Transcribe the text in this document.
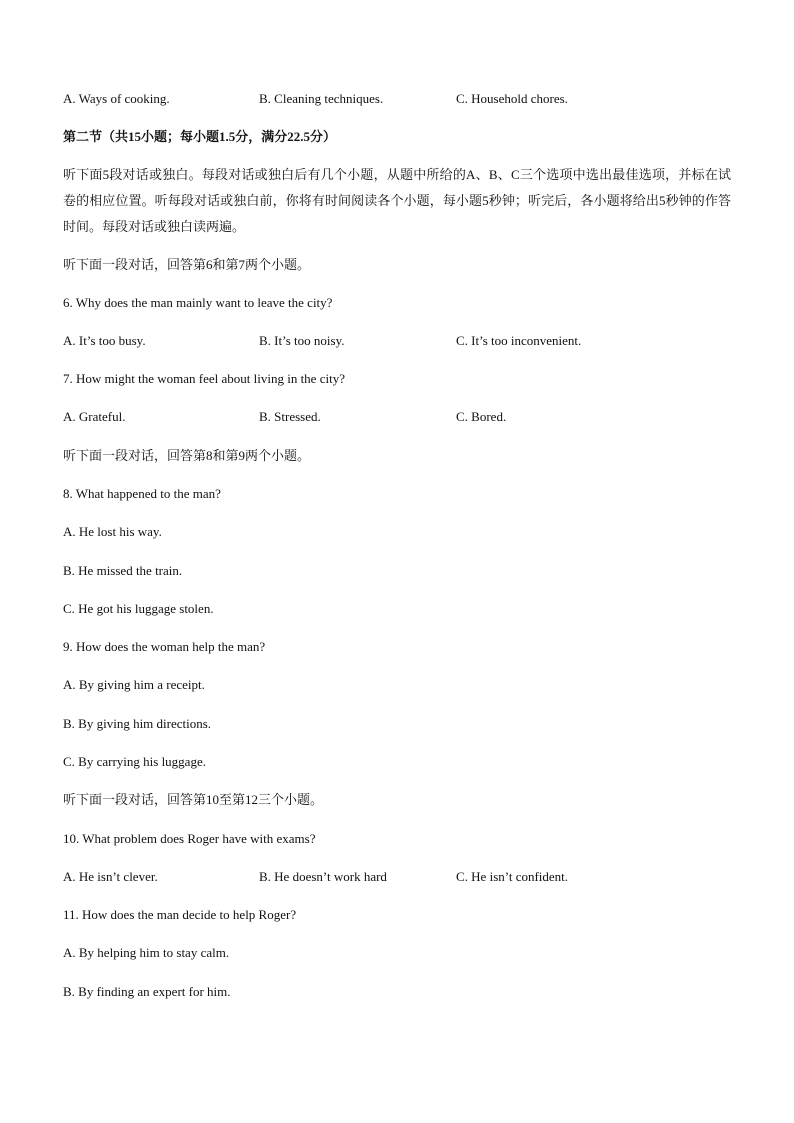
A. Ways of cooking.	B. Cleaning techniques.	C. Household chores.
第二节（共15小题；每小题1.5分，满分22.5分）
听下面5段对话或独白。每段对话或独白后有几个小题，从题中所给的A、B、C三个选项中选出最佳选项，并标在试卷的相应位置。听每段对话或独白前，你将有时间阅读各个小题，每小题5秒钟；听完后，各小题将给出5秒钟的作答时间。每段对话或独白读两遍。
听下面一段对话，回答第6和第7两个小题。
6. Why does the man mainly want to leave the city?
A. It’s too busy.	B. It’s too noisy.	C. It’s too inconvenient.
7. How might the woman feel about living in the city?
A. Grateful.	B. Stressed.	C. Bored.
听下面一段对话，回答第8和第9两个小题。
8. What happened to the man?
A. He lost his way.
B. He missed the train.
C. He got his luggage stolen.
9. How does the woman help the man?
A. By giving him a receipt.
B. By giving him directions.
C. By carrying his luggage.
听下面一段对话，回答第10至第12三个小题。
10. What problem does Roger have with exams?
A. He isn’t clever.	B. He doesn’t work hard	C. He isn’t confident.
11. How does the man decide to help Roger?
A. By helping him to stay calm.
B. By finding an expert for him.
